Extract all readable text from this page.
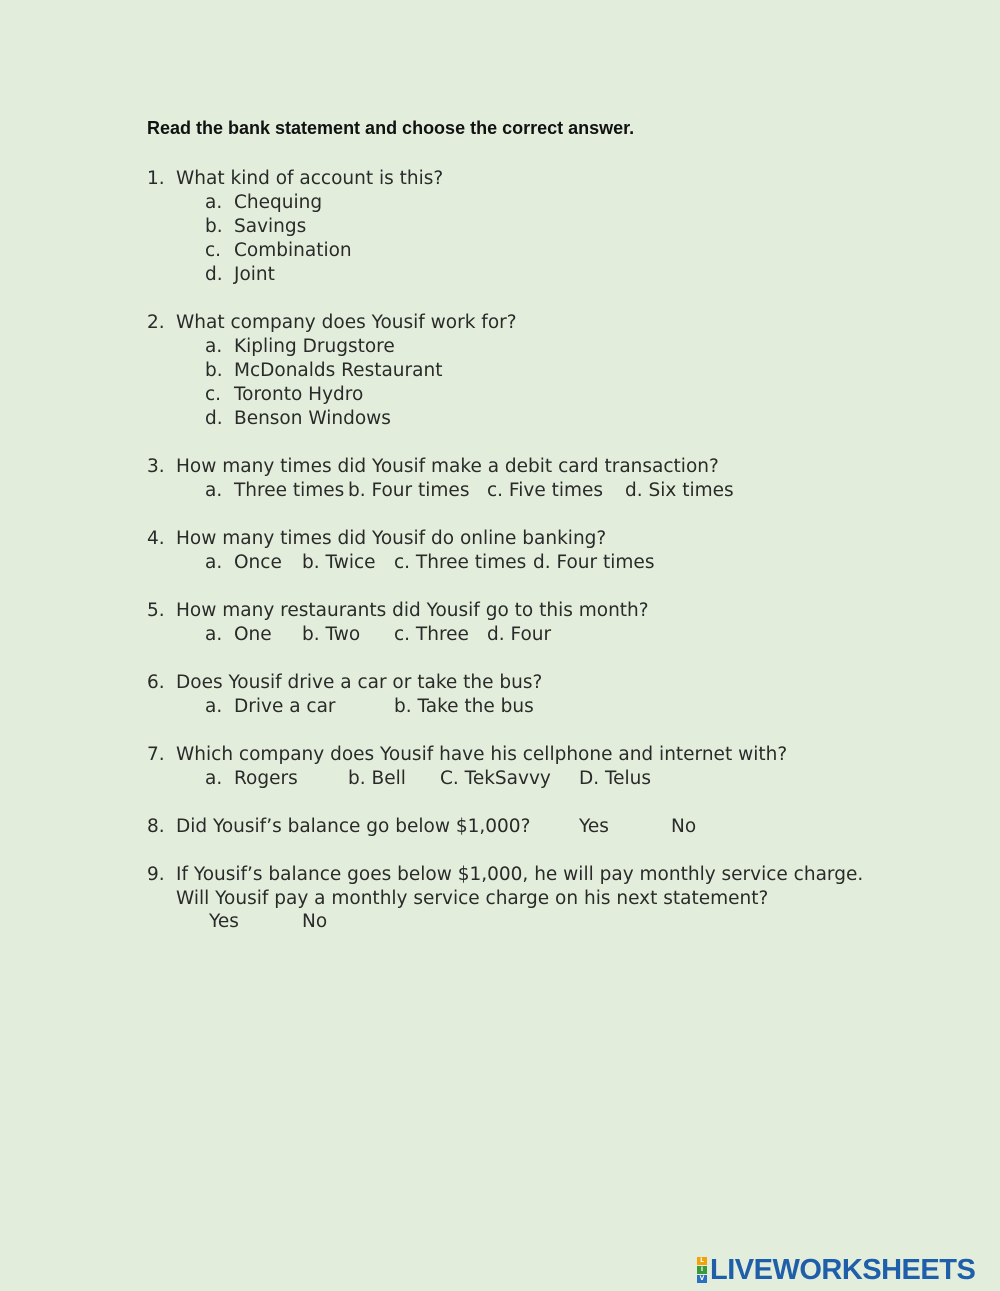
Read the bank statement and choose the correct answer.
1. What kind of account is this?
a. Chequing
b. Savings
c. Combination
d. Joint
2. What company does Yousif work for?
a. Kipling Drugstore
b. McDonalds Restaurant
c. Toronto Hydro
d. Benson Windows
3. How many times did Yousif make a debit card transaction?
a. Three times b. Four times c. Five times d. Six times
4. How many times did Yousif do online banking?
a. Once b. Twice c. Three times d. Four times
5. How many restaurants did Yousif go to this month?
a. One b. Two c. Three d. Four
6. Does Yousif drive a car or take the bus?
a. Drive a car	b. Take the bus
7. Which company does Yousif have his cellphone and internet with?
a. Rogers	b. Bell C. TekSavvy D. Telus
8. Did Yousif’s balance go below $1,000?	Yes	No
9. If Yousif’s balance goes below $1,000, he will pay monthly service charge.
Will Yousif pay a monthly service charge on his next statement?
Yes	No
L
I
V LIVEWORKSHEETS
